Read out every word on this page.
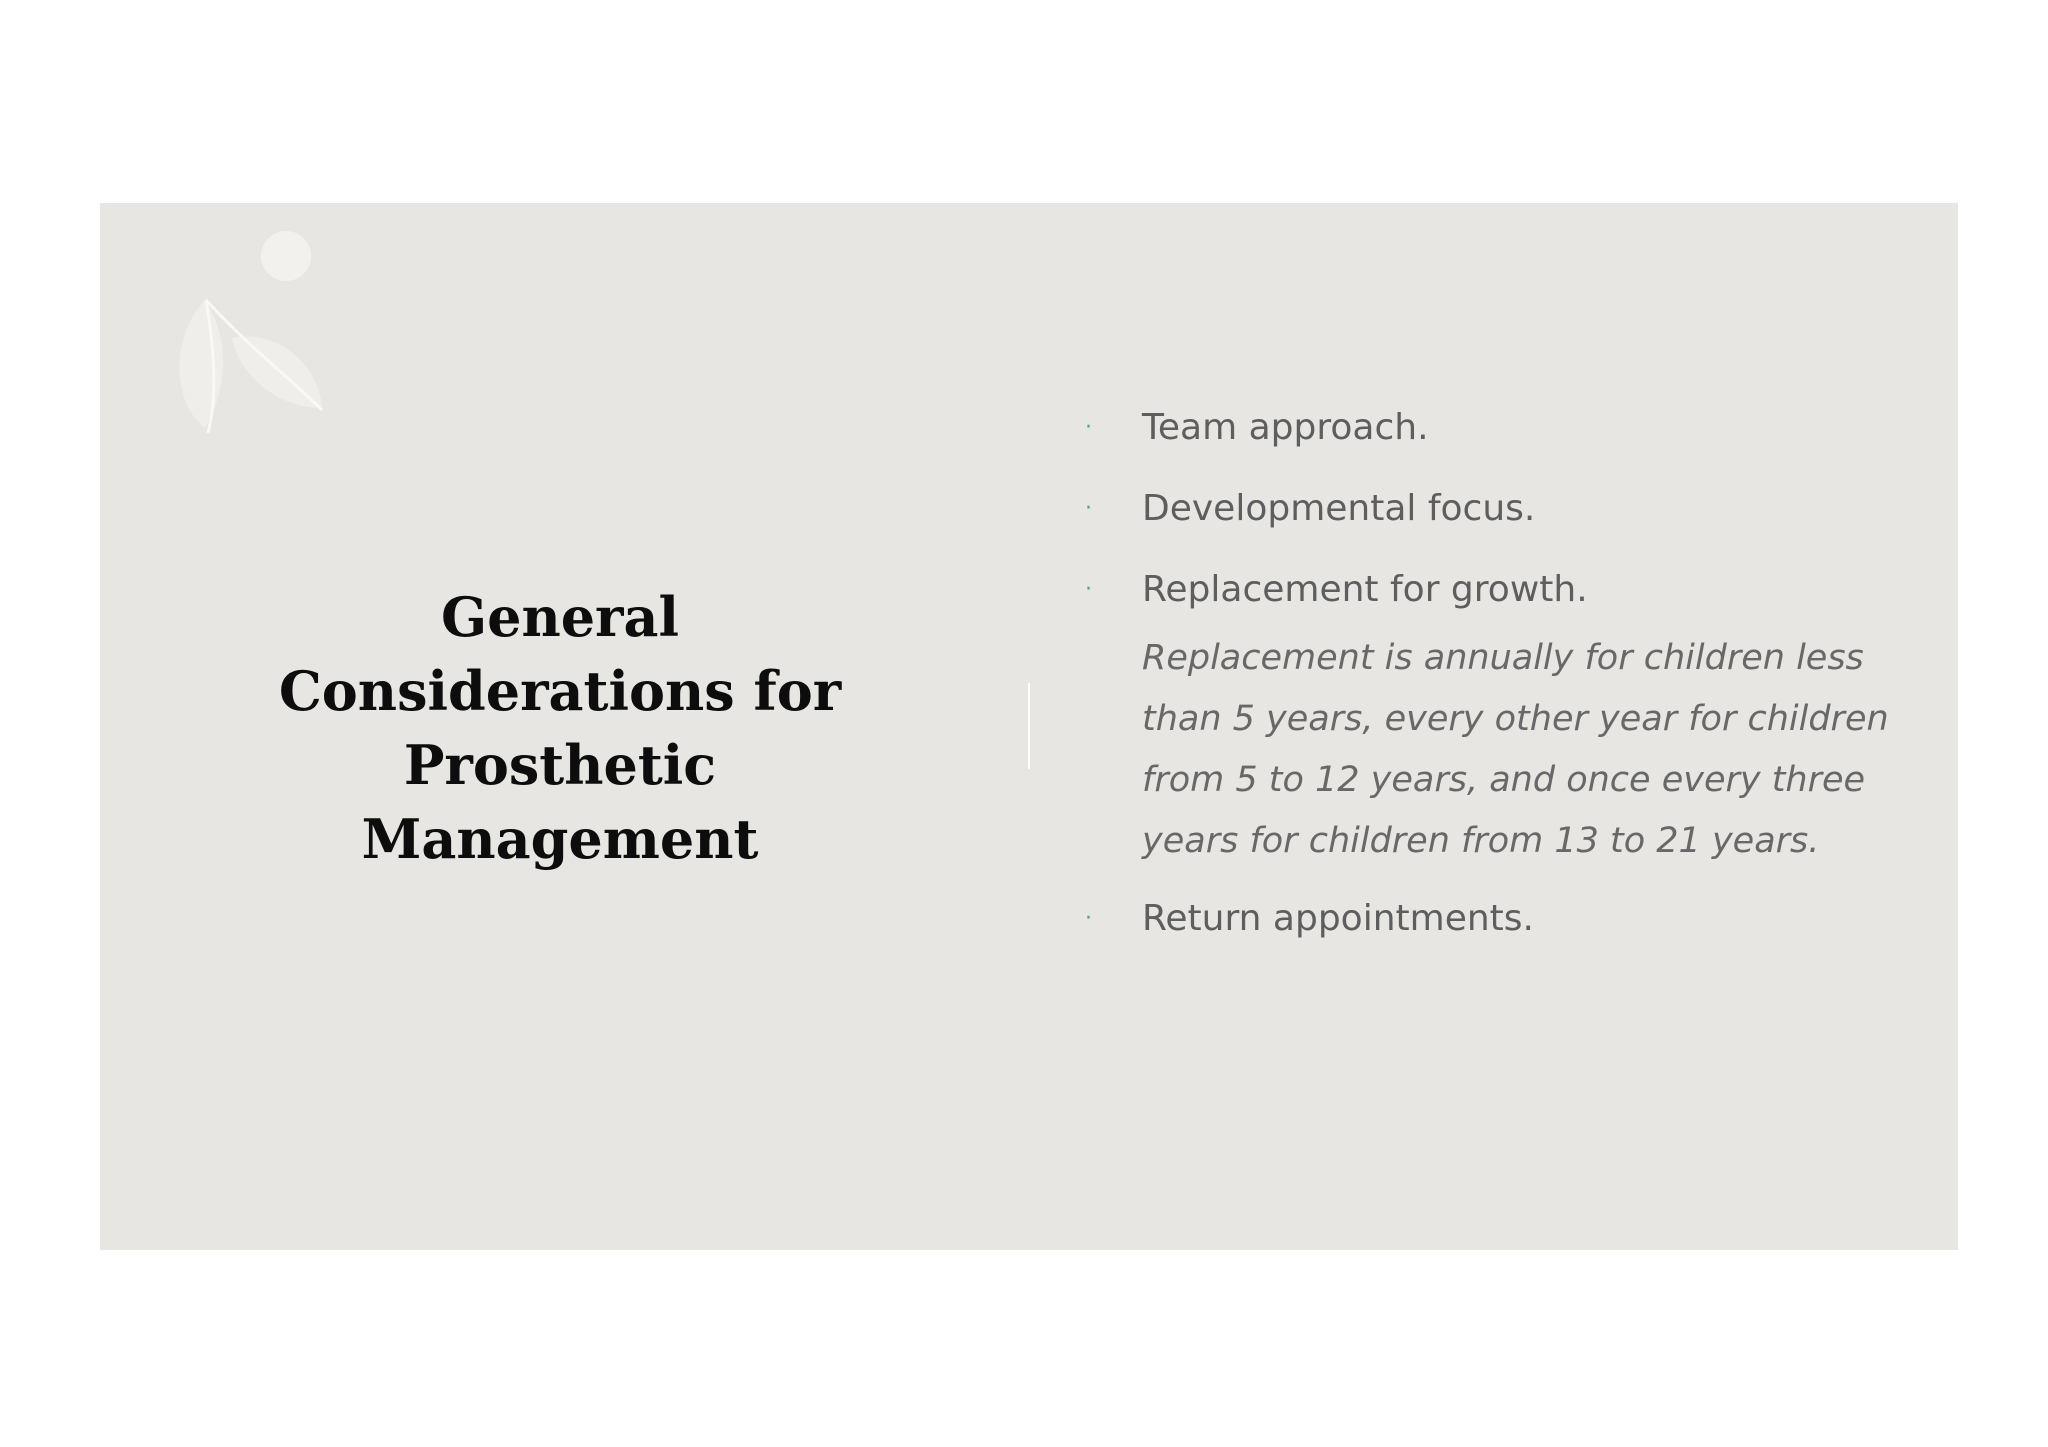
General
Considerations for
Prosthetic
Management
·	Team approach.
·	Developmental focus.
·	Replacement for growth.
Replacement is annually for children less
than 5 years, every other year for children
from 5 to 12 years, and once every three
years for children from 13 to 21 years.
·	Return appointments.
